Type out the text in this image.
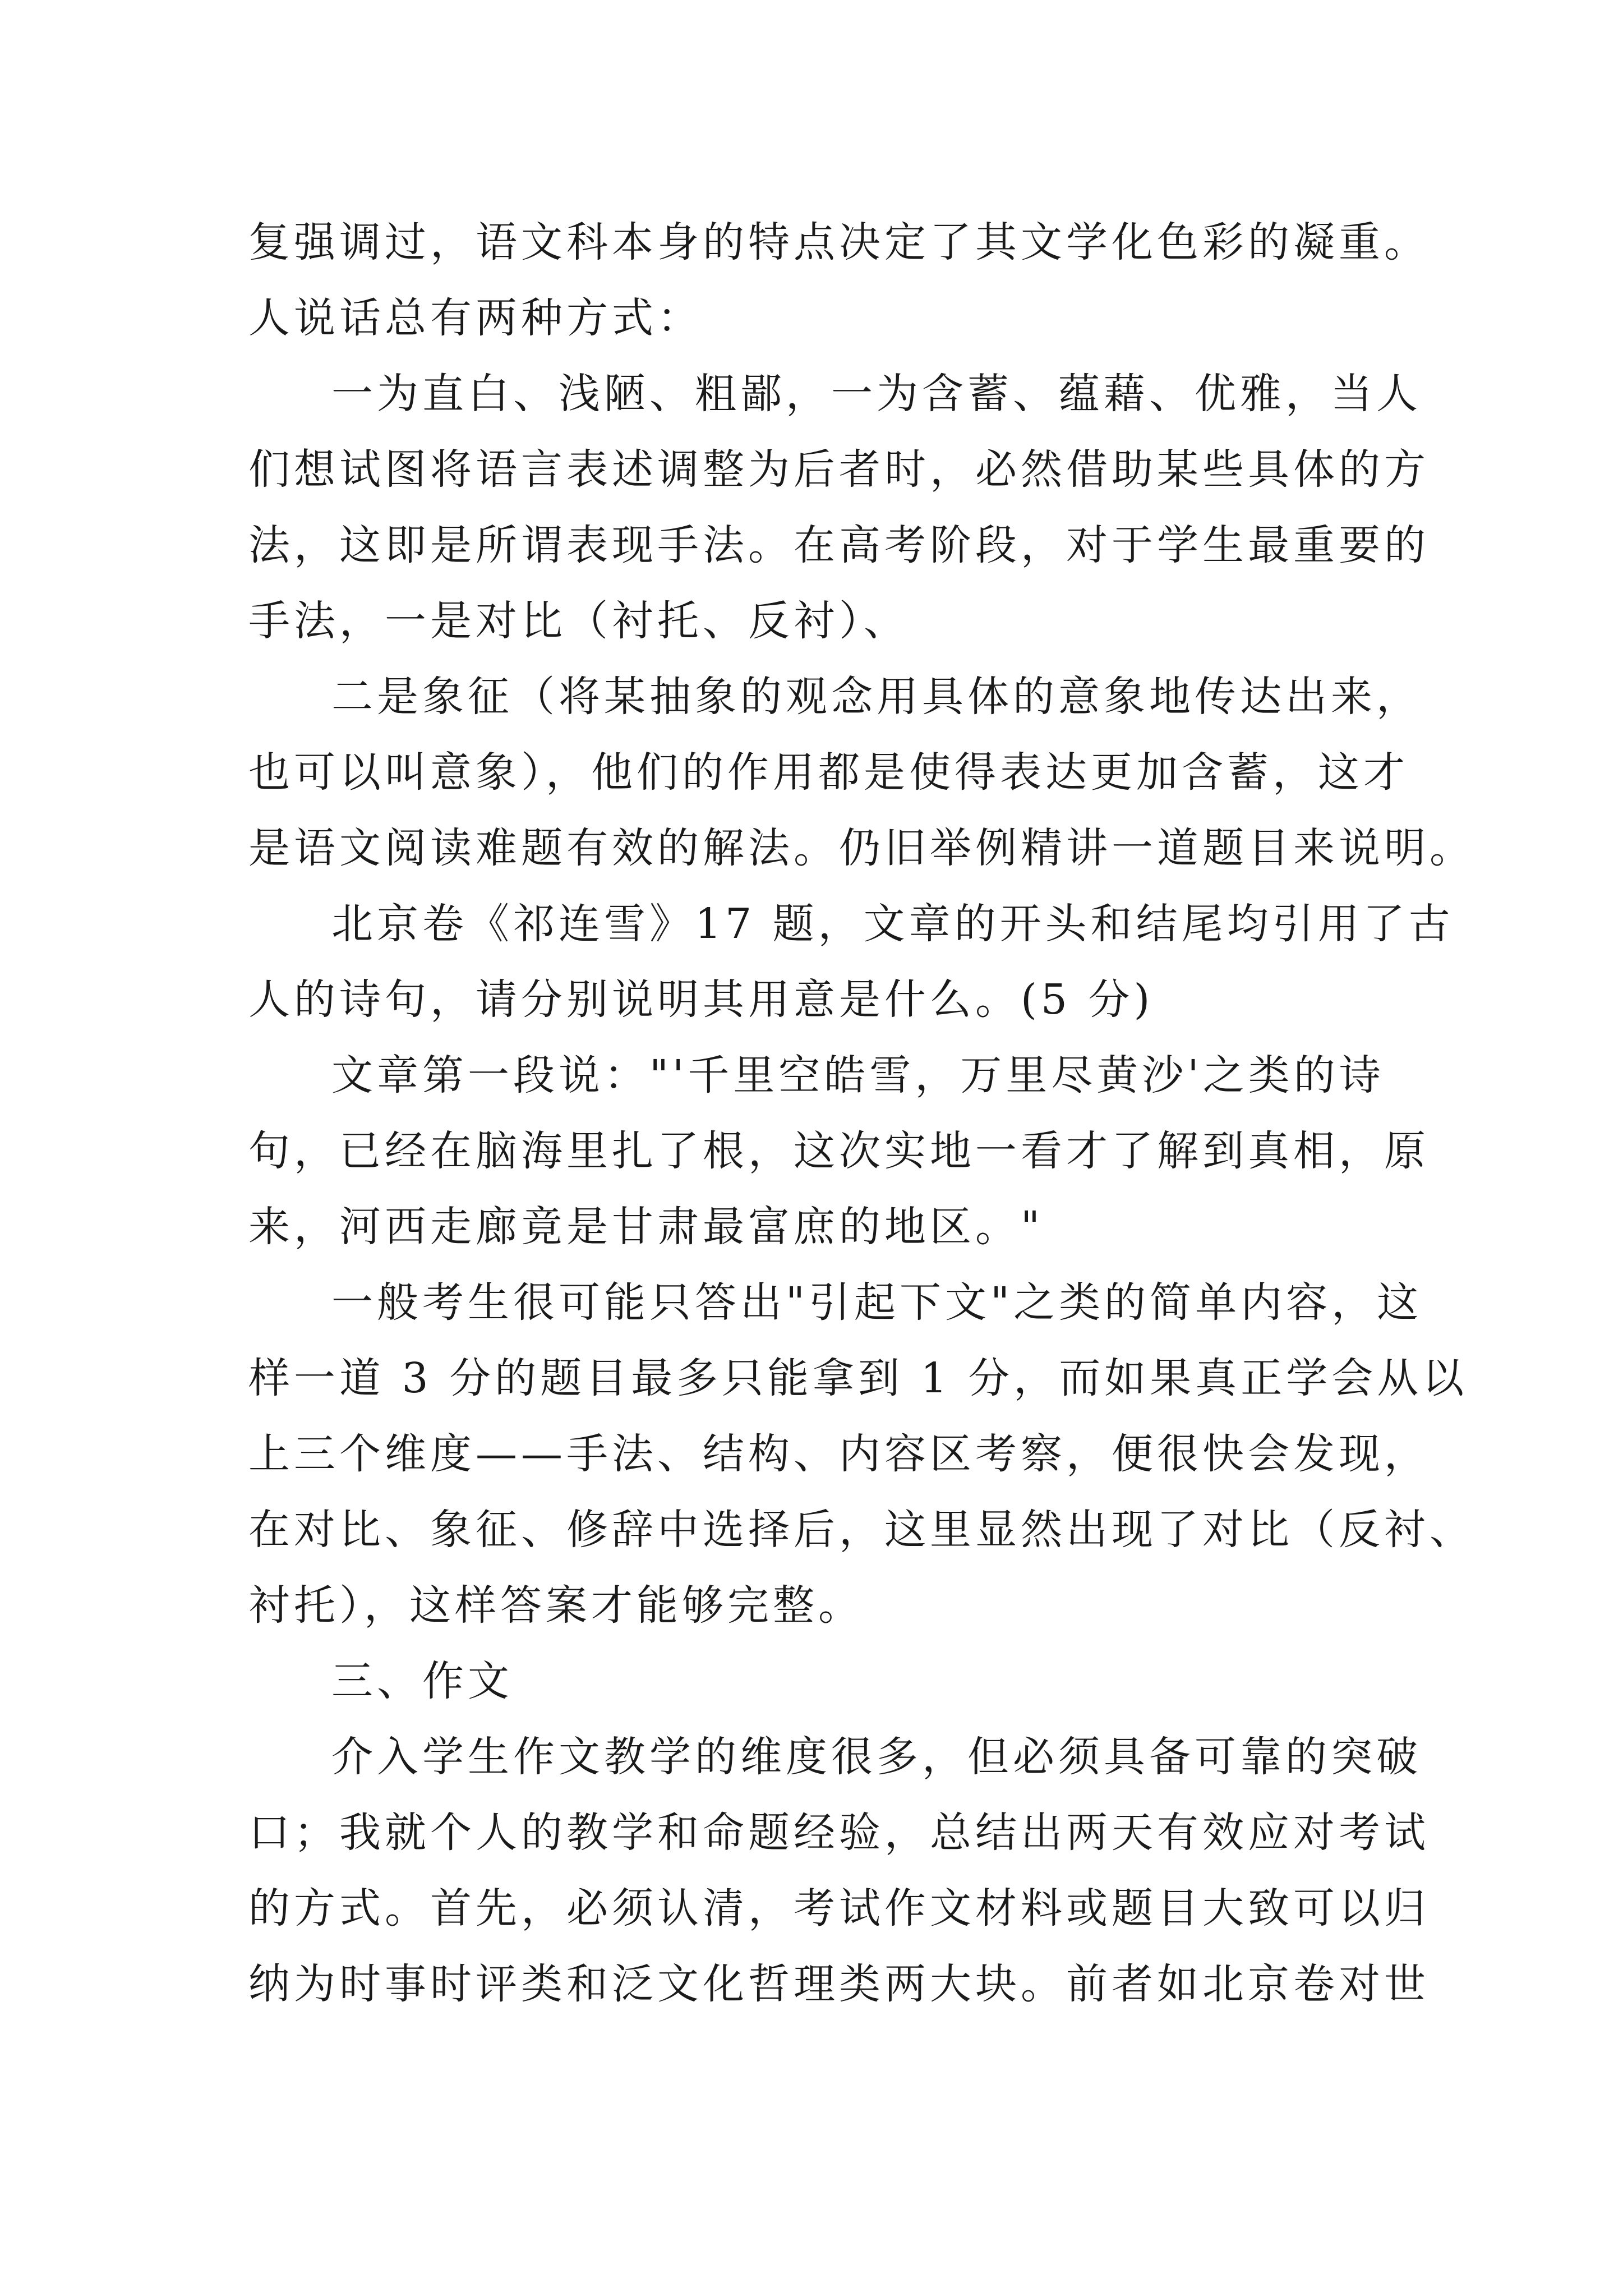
复强调过，语文科本身的特点决定了其文学化色彩的凝重。
人说话总有两种方式：

一为直白、浅陋、粗鄙，一为含蓄、蕴藉、优雅，当人
们想试图将语言表述调整为后者时，必然借助某些具体的方
法，这即是所谓表现手法。在高考阶段，对于学生最重要的
手法，一是对比（衬托、反衬）、

二是象征（将某抽象的观念用具体的意象地传达出来，
也可以叫意象），他们的作用都是使得表达更加含蓄，这才
是语文阅读难题有效的解法。仍旧举例精讲一道题目来说明。

北京卷《祁连雪》17 题，文章的开头和结尾均引用了古
人的诗句，请分别说明其用意是什么。(5 分)

文章第一段说："'千里空皓雪，万里尽黄沙'之类的诗
句，已经在脑海里扎了根，这次实地一看才了解到真相，原
来，河西走廊竟是甘肃最富庶的地区。"

一般考生很可能只答出"引起下文"之类的简单内容，这
样一道 3 分的题目最多只能拿到 1 分，而如果真正学会从以
上三个维度——手法、结构、内容区考察，便很快会发现，
在对比、象征、修辞中选择后，这里显然出现了对比（反衬、
衬托），这样答案才能够完整。

三、作文

介入学生作文教学的维度很多，但必须具备可靠的突破
口；我就个人的教学和命题经验，总结出两天有效应对考试
的方式。首先，必须认清，考试作文材料或题目大致可以归
纳为时事时评类和泛文化哲理类两大块。前者如北京卷对世
